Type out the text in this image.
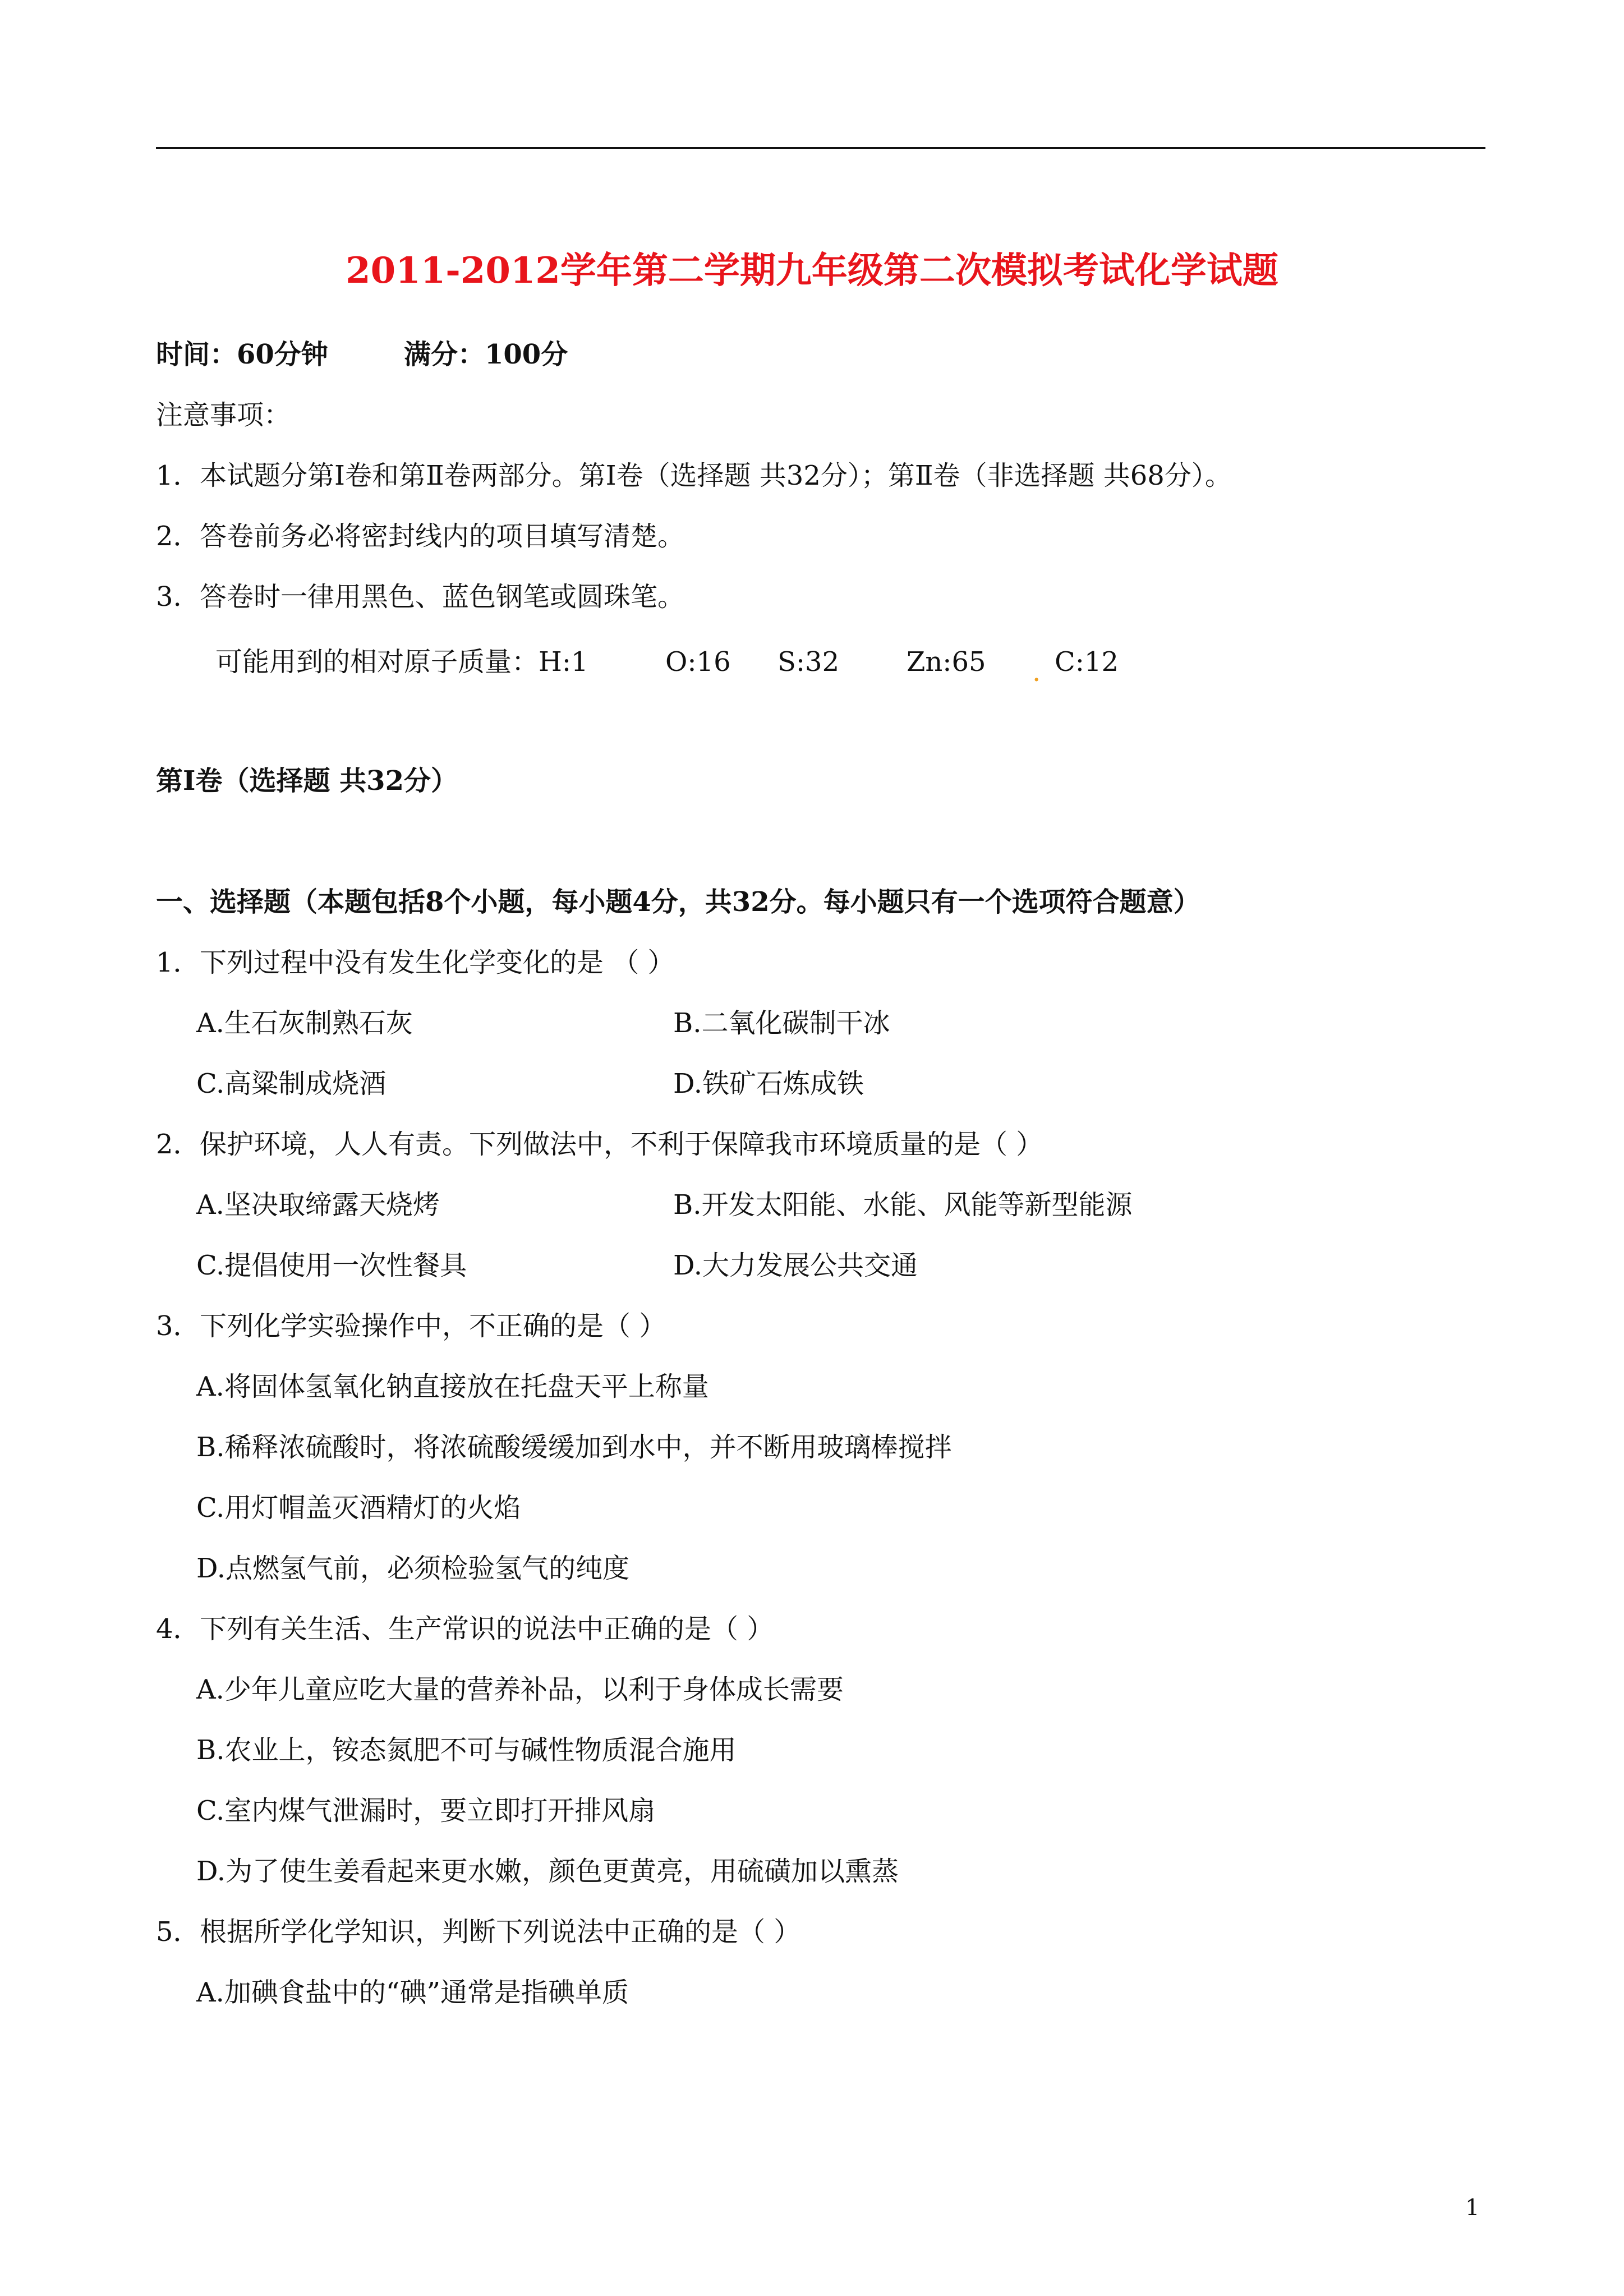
2011-2012学年第二学期九年级第二次模拟考试化学试题
时间：60分钟	满分：100分
注意事项：
1． 本试题分第Ⅰ卷和第Ⅱ卷两部分。第Ⅰ卷（选择题 共32分）；第Ⅱ卷（非选择题 共68分）。
2． 答卷前务必将密封线内的项目填写清楚。
3. 答卷时一律用黑色、蓝色钢笔或圆珠笔。
可能用到的相对原子质量： H:1	O:16 S:32 Zn:65 . C:12
第Ⅰ卷（选择题 共32分）
一、选择题（本题包括8个小题，每小题4分，共32分。每小题只有一个选项符合题意）
1． 下列过程中没有发生化学变化的是 （ ）
A.生石灰制熟石灰	B.二氧化碳制干冰
C.高粱制成烧酒	D.铁矿石炼成铁
2． 保护环境，人人有责。下列做法中，不利于保障我市环境质量的是（ ）
A.坚决取缔露天烧烤	B.开发太阳能、水能、风能等新型能源
C.提倡使用一次性餐具	D.大力发展公共交通
3． 下列化学实验操作中，不正确的是（ ）
A.将固体氢氧化钠直接放在托盘天平上称量
B.稀释浓硫酸时，将浓硫酸缓缓加到水中，并不断用玻璃棒搅拌
C.用灯帽盖灭酒精灯的火焰
D.点燃氢气前，必须检验氢气的纯度
4． 下列有关生活、生产常识的说法中正确的是（ ）
A.少年儿童应吃大量的营养补品，以利于身体成长需要
B.农业上，铵态氮肥不可与碱性物质混合施用
C.室内煤气泄漏时，要立即打开排风扇
D.为了使生姜看起来更水嫩，颜色更黄亮，用硫磺加以熏蒸
5． 根据所学化学知识，判断下列说法中正确的是（ ）
A.加碘食盐中的“碘”通常是指碘单质
1
